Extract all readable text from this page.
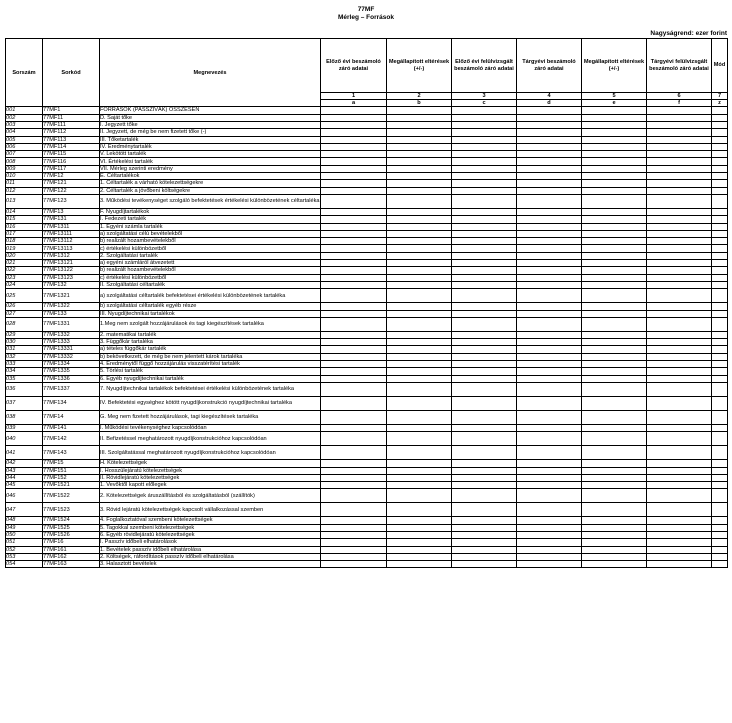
77MF
Mérleg – Források
Nagyságrend: ezer forint
Sorszám	Sorkód	Megnevezés	Előző évi beszámoló záró adatai	Megállapított eltérések (+/-)	Előző évi felülvizsgált beszámoló záró adatai	Tárgyévi beszámoló záró adatai	Megállapított eltérések (+/-)	Tárgyévi felülvizsgált beszámoló záró adatai	Mód
			1	2	3	4	5	6	7
			a	b	c	d	e	f	z
001	77MF1	FORRÁSOK (PASSZÍVÁK) ÖSSZESEN							
002	77MF11	D. Saját tőke							
003	77MF111	I. Jegyzett tőke							
004	77MF112	II. Jegyzett, de még be nem fizetett tőke (-)							
005	77MF113	III. Tőketartalék							
006	77MF114	IV. Eredménytartalék							
007	77MF115	V. Lekötött tartalék							
008	77MF116	VI. Értékelési tartalék							
009	77MF117	VII. Mérleg szerinti eredmény							
010	77MF12	E. Céltartalékok							
011	77MF121	1. Céltartalék a várható kötelezettségekre							
012	77MF122	2. Céltartalék a jövőbeni költségekre							
013	77MF123	3. Működési tevékenységet szolgáló befektetések értékelési különbözetének céltartaléka							
014	77MF13	F. Nyugdíjtartalékok							
015	77MF131	I. Fedezeti tartalék							
016	77MF1311	1. Egyéni számla tartalék							
017	77MF13111	a) szolgáltatási célú bevételekből							
018	77MF13112	b) realizált hozambevételekből							
019	77MF13113	c) értékelési különbözetből							
020	77MF1312	2. Szolgáltatási tartalék							
021	77MF13121	a) egyéni számláról átvezetett							
022	77MF13122	b) realizált hozambevételekből							
023	77MF13123	c) értékelési különbözetből							
024	77MF132	II. Szolgáltatási céltartalék							
025	77MF1321	a) szolgáltatási céltartalék befektetései értékelési különbözetének tartaléka							
026	77MF1322	b) szolgáltatási céltartalék egyéb része							
027	77MF133	III. Nyugdíjtechnikai tartalékok							
028	77MF1331	1.Meg nem szolgált hozzájárulások és tagi kiegészítések tartaléka							
029	77MF1332	2. matematikai tartalék							
030	77MF1333	3. Függőkár tartaléka							
031	77MF13331	a) tételes függőkár tartalék							
032	77MF13332	b) bekövetkezett, de még be nem jelentett károk tartaléka							
033	77MF1334	4. Eredménytől függő hozzájárulás visszatérítési tartalék							
034	77MF1335	5. Törlési tartalék							
035	77MF1336	6. Egyéb nyugdíjtechnikai tartalék							
036	77MF1337	7. Nyugdíjtechnikai tartalékok befektetései értékelési különbözetének tartaléka							
037	77MF134	IV. Befektetési egységhez kötött nyugdíjkonstrukció nyugdíjtechnikai tartaléka							
038	77MF14	G. Meg nem fizetett hozzájárulások, tagi kiegészítések tartaléka							
039	77MF141	I. Működési tevékenységhez kapcsolódóan							
040	77MF142	II. Befizetéssel meghatározott nyugdíjkonstrukcióhoz kapcsolódóan							
041	77MF143	III. Szolgáltatással meghatározott nyugdíjkonstrukcióhoz kapcsolódóan							
042	77MF15	H. Kötelezettségek							
043	77MF151	I. Hosszúlejáratú kötelezettségek							
044	77MF152	II. Rövidlejáratú kötelezettségek							
045	77MF1521	1. Vevőktől kapott előlegek							
046	77MF1522	2. Kötelezettségek áruszállításból és szolgáltatásból (szállítók)							
047	77MF1523	3. Rövid lejáratú kötelezettségek kapcsolt vállalkozással szemben							
048	77MF1524	4. Foglalkoztatóval szembeni kötelezettségek							
049	77MF1525	5. Tagokkal szembeni kötelezettségek							
050	77MF1526	6. Egyéb rövidlejáratú kötelezettségek							
051	77MF16	I. Passzív időbeli elhatárolások							
052	77MF161	1. Bevételek passzív időbeli elhatárolása							
053	77MF162	2. Költségek, ráfordítások passzív időbeli elhatárolása							
054	77MF163	3. Halasztott bevételek							
